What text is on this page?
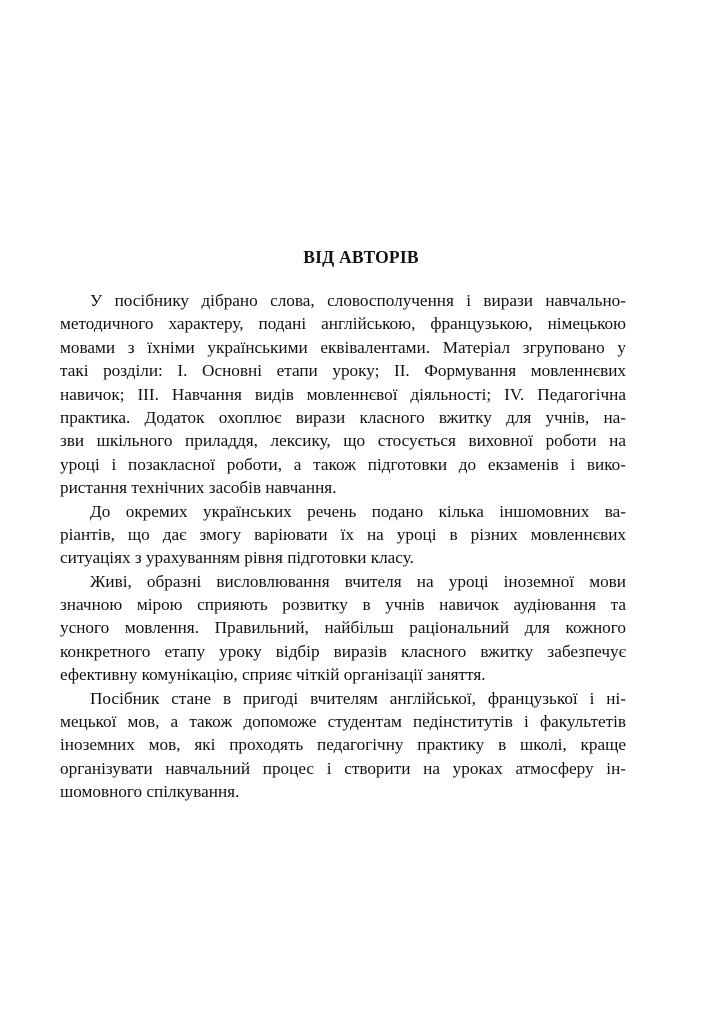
ВІД АВТОРІВ

У посібнику дібрано слова, словосполучення і вирази навчально-
методичного характеру, подані англійською, французькою, німецькою
мовами з їхніми українськими еквівалентами. Матеріал згруповано у
такі розділи: І. Основні етапи уроку; ІІ. Формування мовленнєвих
навичок; ІІІ. Навчання видів мовленнєвої діяльності; IV. Педагогічна
практика. Додаток охоплює вирази класного вжитку для учнів, на-
зви шкільного приладдя, лексику, що стосується виховної роботи на
уроці і позакласної роботи, а також підготовки до екзаменів і вико-
ристання технічних засобів навчання.

До окремих українських речень подано кілька іншомовних ва-
ріантів, що дає змогу варіювати їх на уроці в різних мовленнєвих
ситуаціях з урахуванням рівня підготовки класу.

Живі, образні висловлювання вчителя на уроці іноземної мови
значною мірою сприяють розвитку в учнів навичок аудіювання та
усного мовлення. Правильний, найбільш раціональний для кожного
конкретного етапу уроку відбір виразів класного вжитку забезпечує
ефективну комунікацію, сприяє чіткій організації заняття.

Посібник стане в пригоді вчителям англійської, французької і ні-
мецької мов, а також допоможе студентам педінститутів і факультетів
іноземних мов, які проходять педагогічну практику в школі, краще
організувати навчальний процес і створити на уроках атмосферу ін-
шомовного спілкування.
